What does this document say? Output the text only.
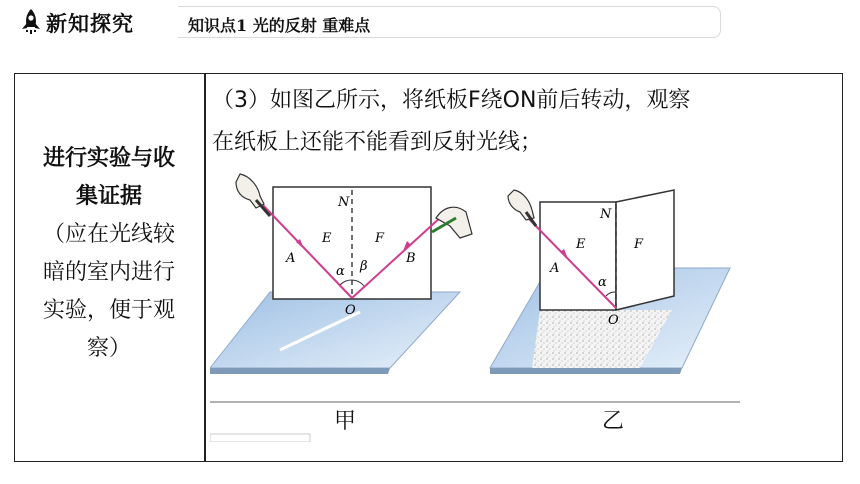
新知探究	知识点1 光的反射 重难点
进行实验与收
集证据
（应在光线较
暗的室内进行
实验，便于观
察）
（3）如图乙所示，将纸板F绕ON前后转动，观察
在纸板上还能不能看到反射光线；
N
E	F
A	B
α β
O
N
E	F
A
α
O
甲	乙
